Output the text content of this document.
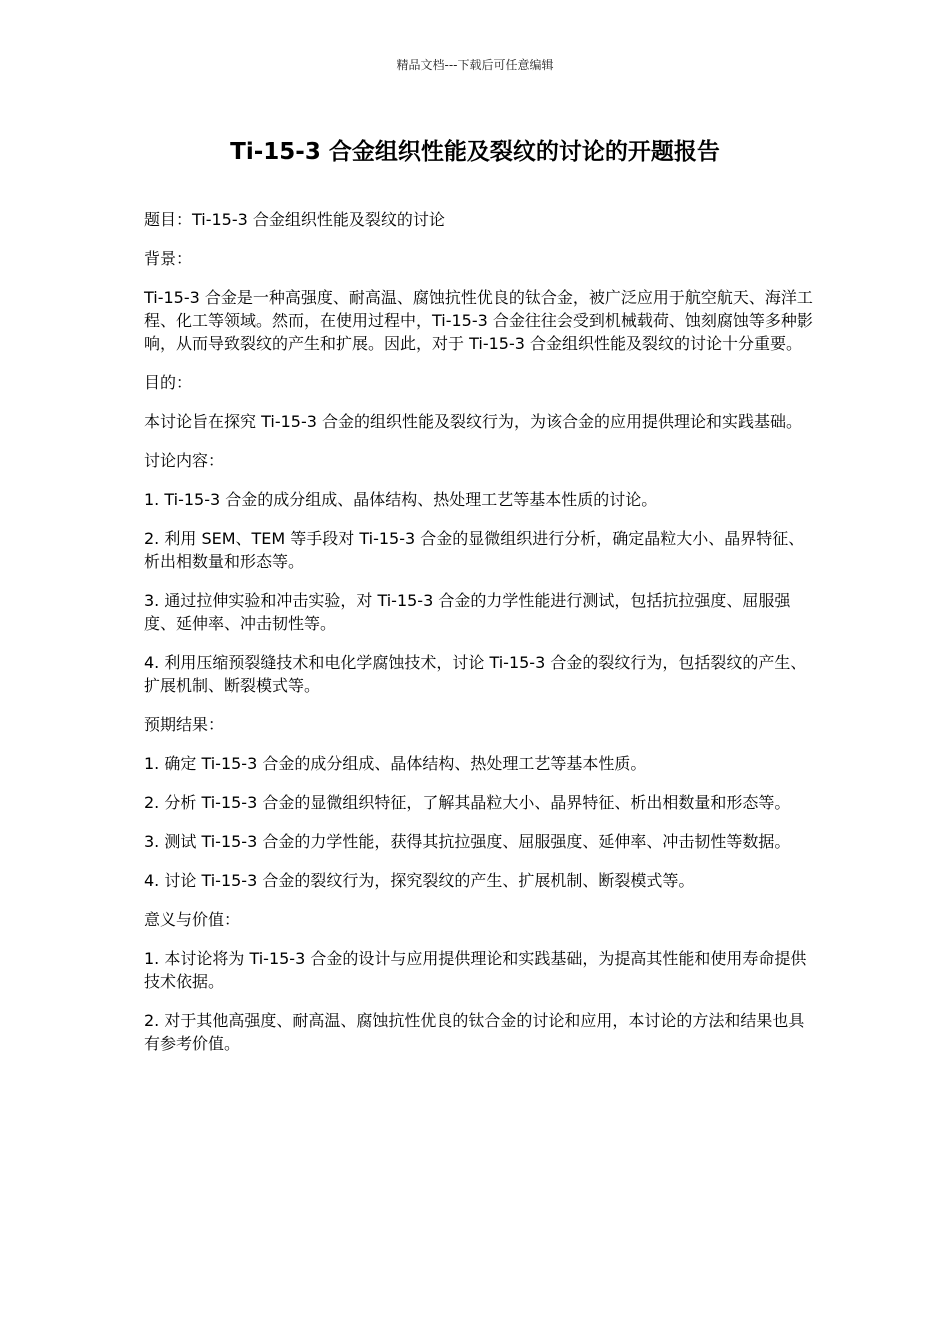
精品文档---下载后可任意编辑
Ti-15-3 合金组织性能及裂纹的讨论的开题报告

题目：Ti-15-3 合金组织性能及裂纹的讨论

背景：

Ti-15-3 合金是一种高强度、耐高温、腐蚀抗性优良的钛合金，被广泛应用于航空航天、海洋工程、化工等领域。然而，在使用过程中，Ti-15-3 合金往往会受到机械载荷、蚀刻腐蚀等多种影响，从而导致裂纹的产生和扩展。因此，对于 Ti-15-3 合金组织性能及裂纹的讨论十分重要。

目的：

本讨论旨在探究 Ti-15-3 合金的组织性能及裂纹行为，为该合金的应用提供理论和实践基础。

讨论内容：

1. Ti-15-3 合金的成分组成、晶体结构、热处理工艺等基本性质的讨论。

2. 利用 SEM、TEM 等手段对 Ti-15-3 合金的显微组织进行分析，确定晶粒大小、晶界特征、析出相数量和形态等。

3. 通过拉伸实验和冲击实验，对 Ti-15-3 合金的力学性能进行测试，包括抗拉强度、屈服强度、延伸率、冲击韧性等。

4. 利用压缩预裂缝技术和电化学腐蚀技术，讨论 Ti-15-3 合金的裂纹行为，包括裂纹的产生、扩展机制、断裂模式等。

预期结果：

1. 确定 Ti-15-3 合金的成分组成、晶体结构、热处理工艺等基本性质。

2. 分析 Ti-15-3 合金的显微组织特征，了解其晶粒大小、晶界特征、析出相数量和形态等。

3. 测试 Ti-15-3 合金的力学性能，获得其抗拉强度、屈服强度、延伸率、冲击韧性等数据。

4. 讨论 Ti-15-3 合金的裂纹行为，探究裂纹的产生、扩展机制、断裂模式等。

意义与价值：

1. 本讨论将为 Ti-15-3 合金的设计与应用提供理论和实践基础，为提高其性能和使用寿命提供技术依据。

2. 对于其他高强度、耐高温、腐蚀抗性优良的钛合金的讨论和应用，本讨论的方法和结果也具有参考价值。
